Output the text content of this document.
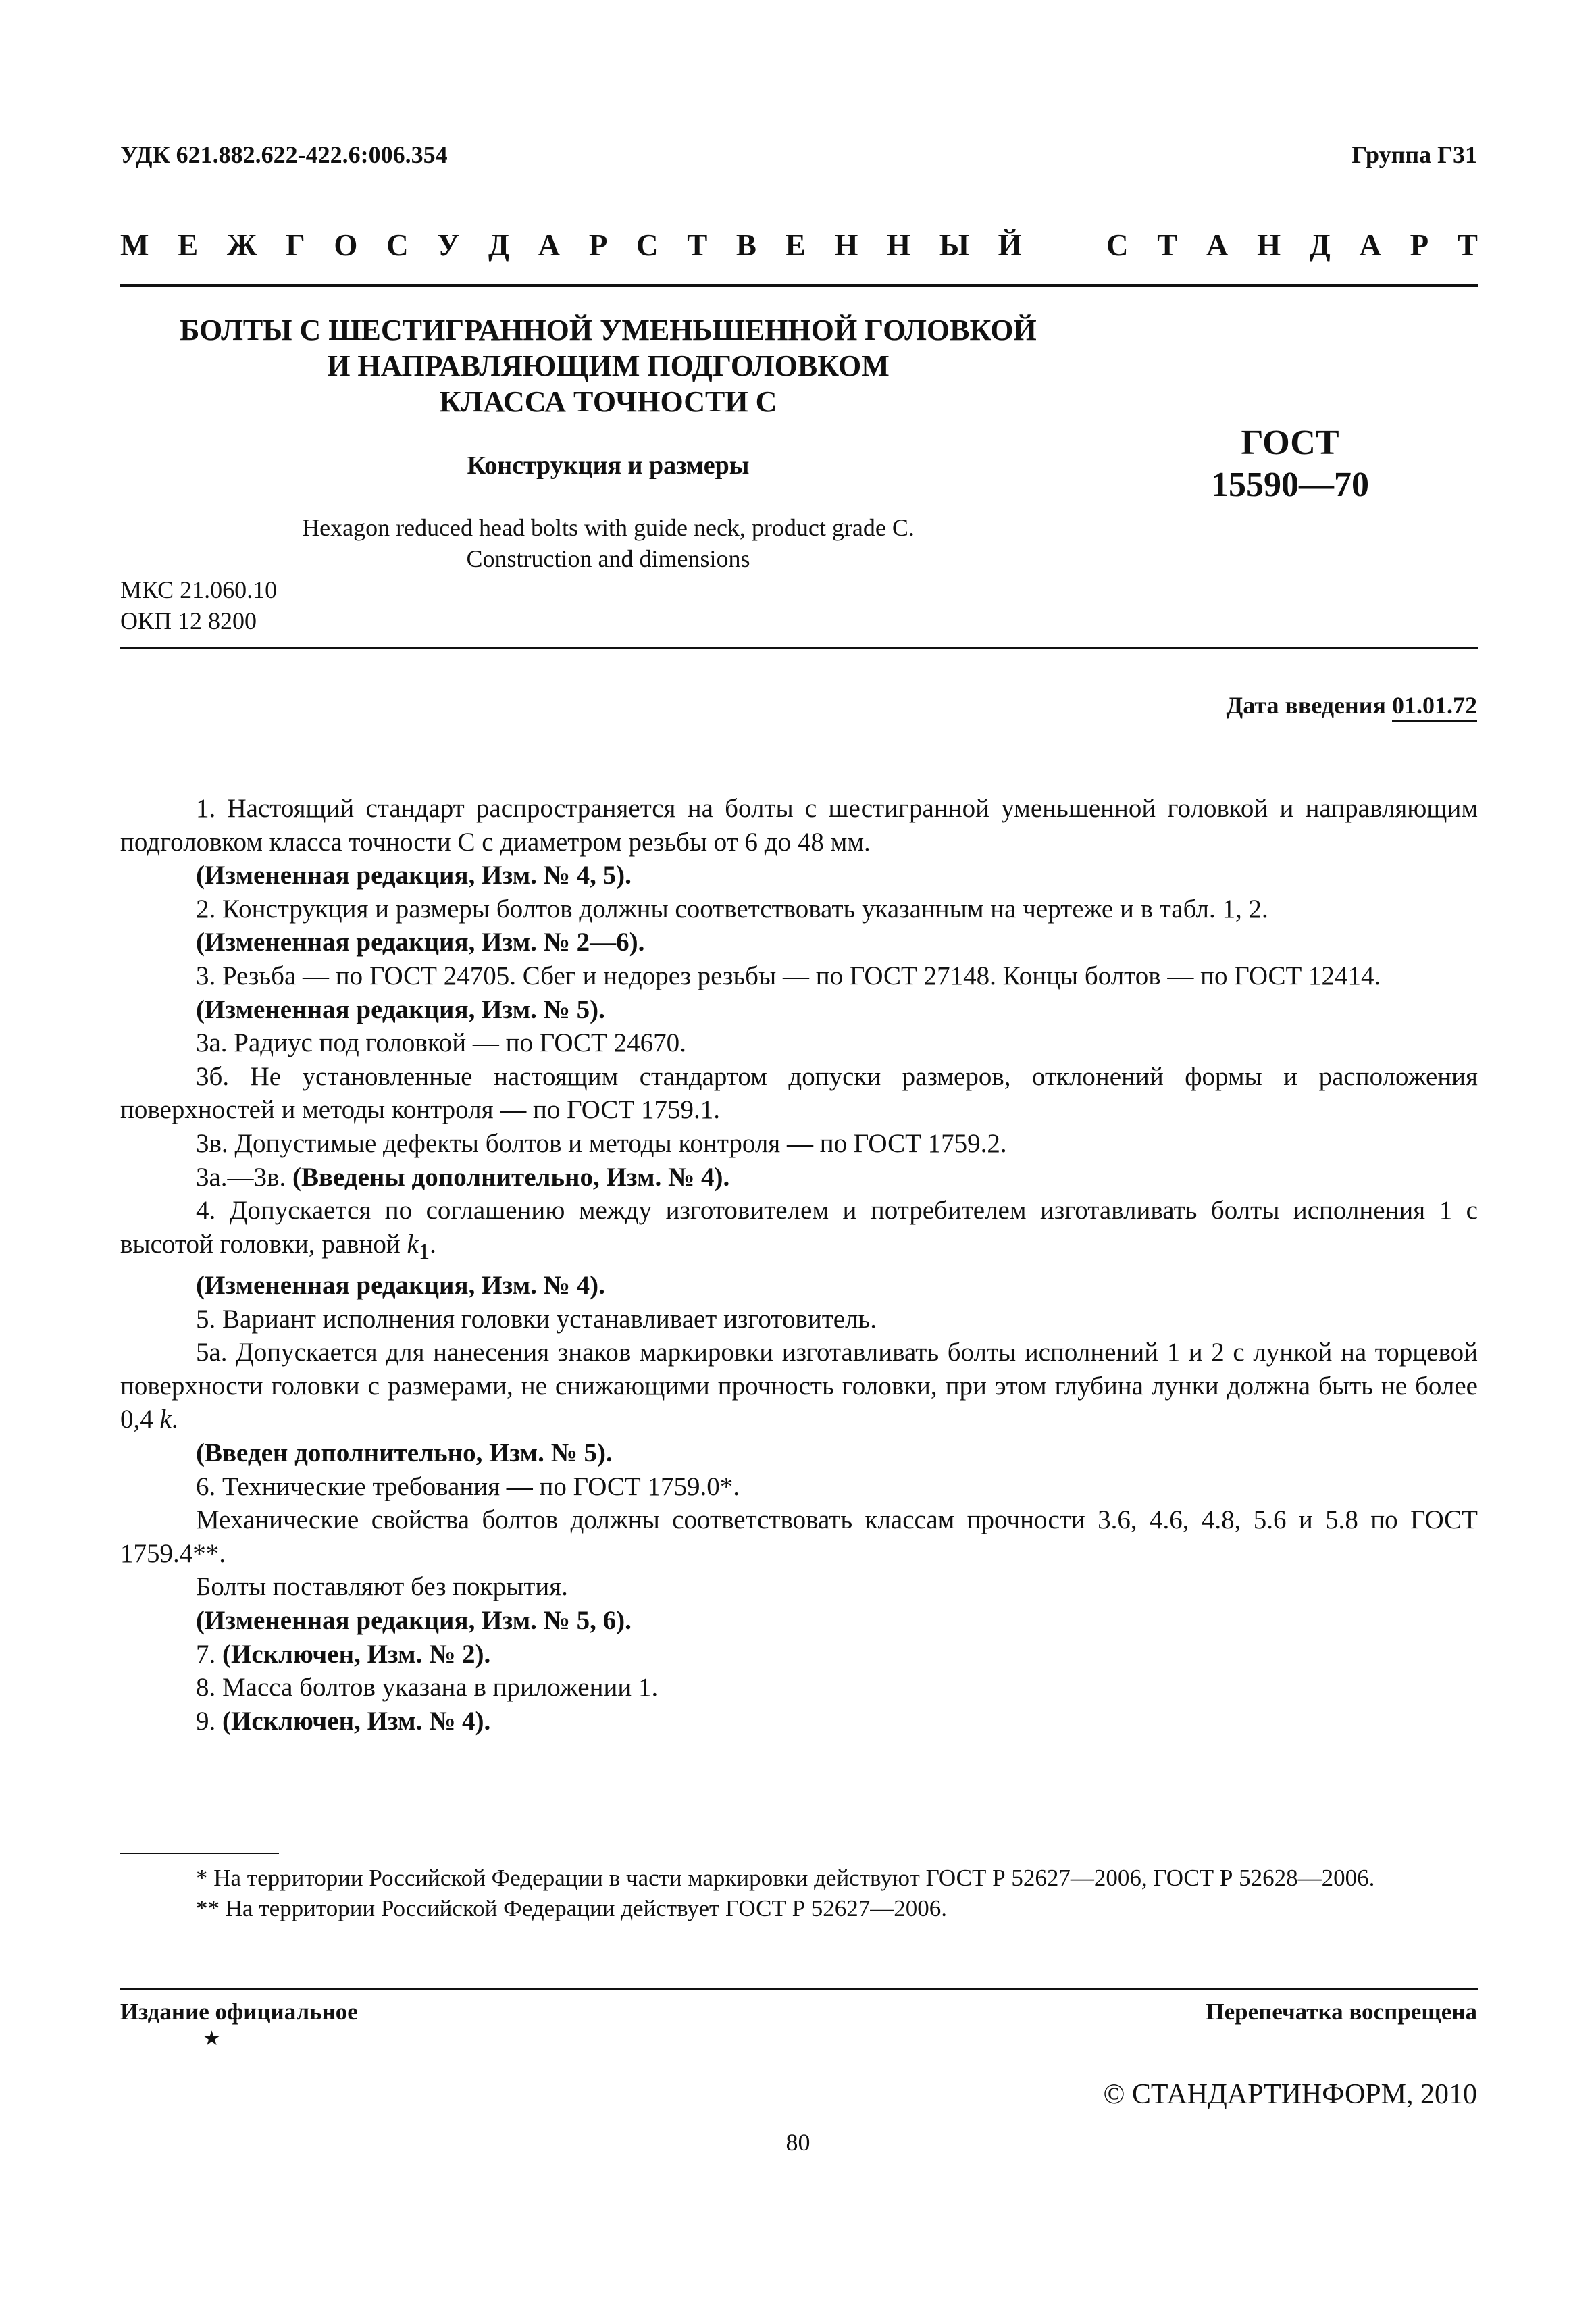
УДК 621.882.622-422.6:006.354	Группа Г31
М Е Ж Г О С У Д А Р С Т В Е Н Н Ы Й	С Т А Н Д А Р Т
БОЛТЫ С ШЕСТИГРАННОЙ УМЕНЬШЕННОЙ ГОЛОВКОЙ
И НАПРАВЛЯЮЩИМ ПОДГОЛОВКОМ
КЛАССА ТОЧНОСТИ С
Конструкция и размеры
ГОСТ
15590—70
Hexagon reduced head bolts with guide neck, product grade C.
Construction and dimensions
МКС 21.060.10
ОКП 12 8200
Дата введения 01.01.72

1. Настоящий стандарт распространяется на болты с шестигранной уменьшенной головкой и направляющим подголовком класса точности С с диаметром резьбы от 6 до 48 мм.

(Измененная редакция, Изм. № 4, 5).

2. Конструкция и размеры болтов должны соответствовать указанным на чертеже и в табл. 1, 2.

(Измененная редакция, Изм. № 2—6).

3. Резьба — по ГОСТ 24705. Сбег и недорез резьбы — по ГОСТ 27148. Концы болтов — по ГОСТ 12414.

(Измененная редакция, Изм. № 5).

3а. Радиус под головкой — по ГОСТ 24670.

3б. Не установленные настоящим стандартом допуски размеров, отклонений формы и расположения поверхностей и методы контроля — по ГОСТ 1759.1.

3в. Допустимые дефекты болтов и методы контроля — по ГОСТ 1759.2.

3а.—3в. (Введены дополнительно, Изм. № 4).

4. Допускается по соглашению между изготовителем и потребителем изготавливать болты исполнения 1 с высотой головки, равной $k_1$.

(Измененная редакция, Изм. № 4).

5. Вариант исполнения головки устанавливает изготовитель.

5а. Допускается для нанесения знаков маркировки изготавливать болты исполнений 1 и 2 с лункой на торцевой поверхности головки с размерами, не снижающими прочность головки, при этом глубина лунки должна быть не более 0,4 k.

(Введен дополнительно, Изм. № 5).

6. Технические требования — по ГОСТ 1759.0*.

Механические свойства болтов должны соответствовать классам прочности 3.6, 4.6, 4.8, 5.6 и 5.8 по ГОСТ 1759.4**.

Болты поставляют без покрытия.

(Измененная редакция, Изм. № 5, 6).

7. (Исключен, Изм. № 2).

8. Масса болтов указана в приложении 1.

9. (Исключен, Изм. № 4).

* На территории Российской Федерации в части маркировки действуют ГОСТ Р 52627—2006, ГОСТ Р 52628—2006.

** На территории Российской Федерации действует ГОСТ Р 52627—2006.

Издание официальное
★
Перепечатка воспрещена
© СТАНДАРТИНФОРМ, 2010
80
